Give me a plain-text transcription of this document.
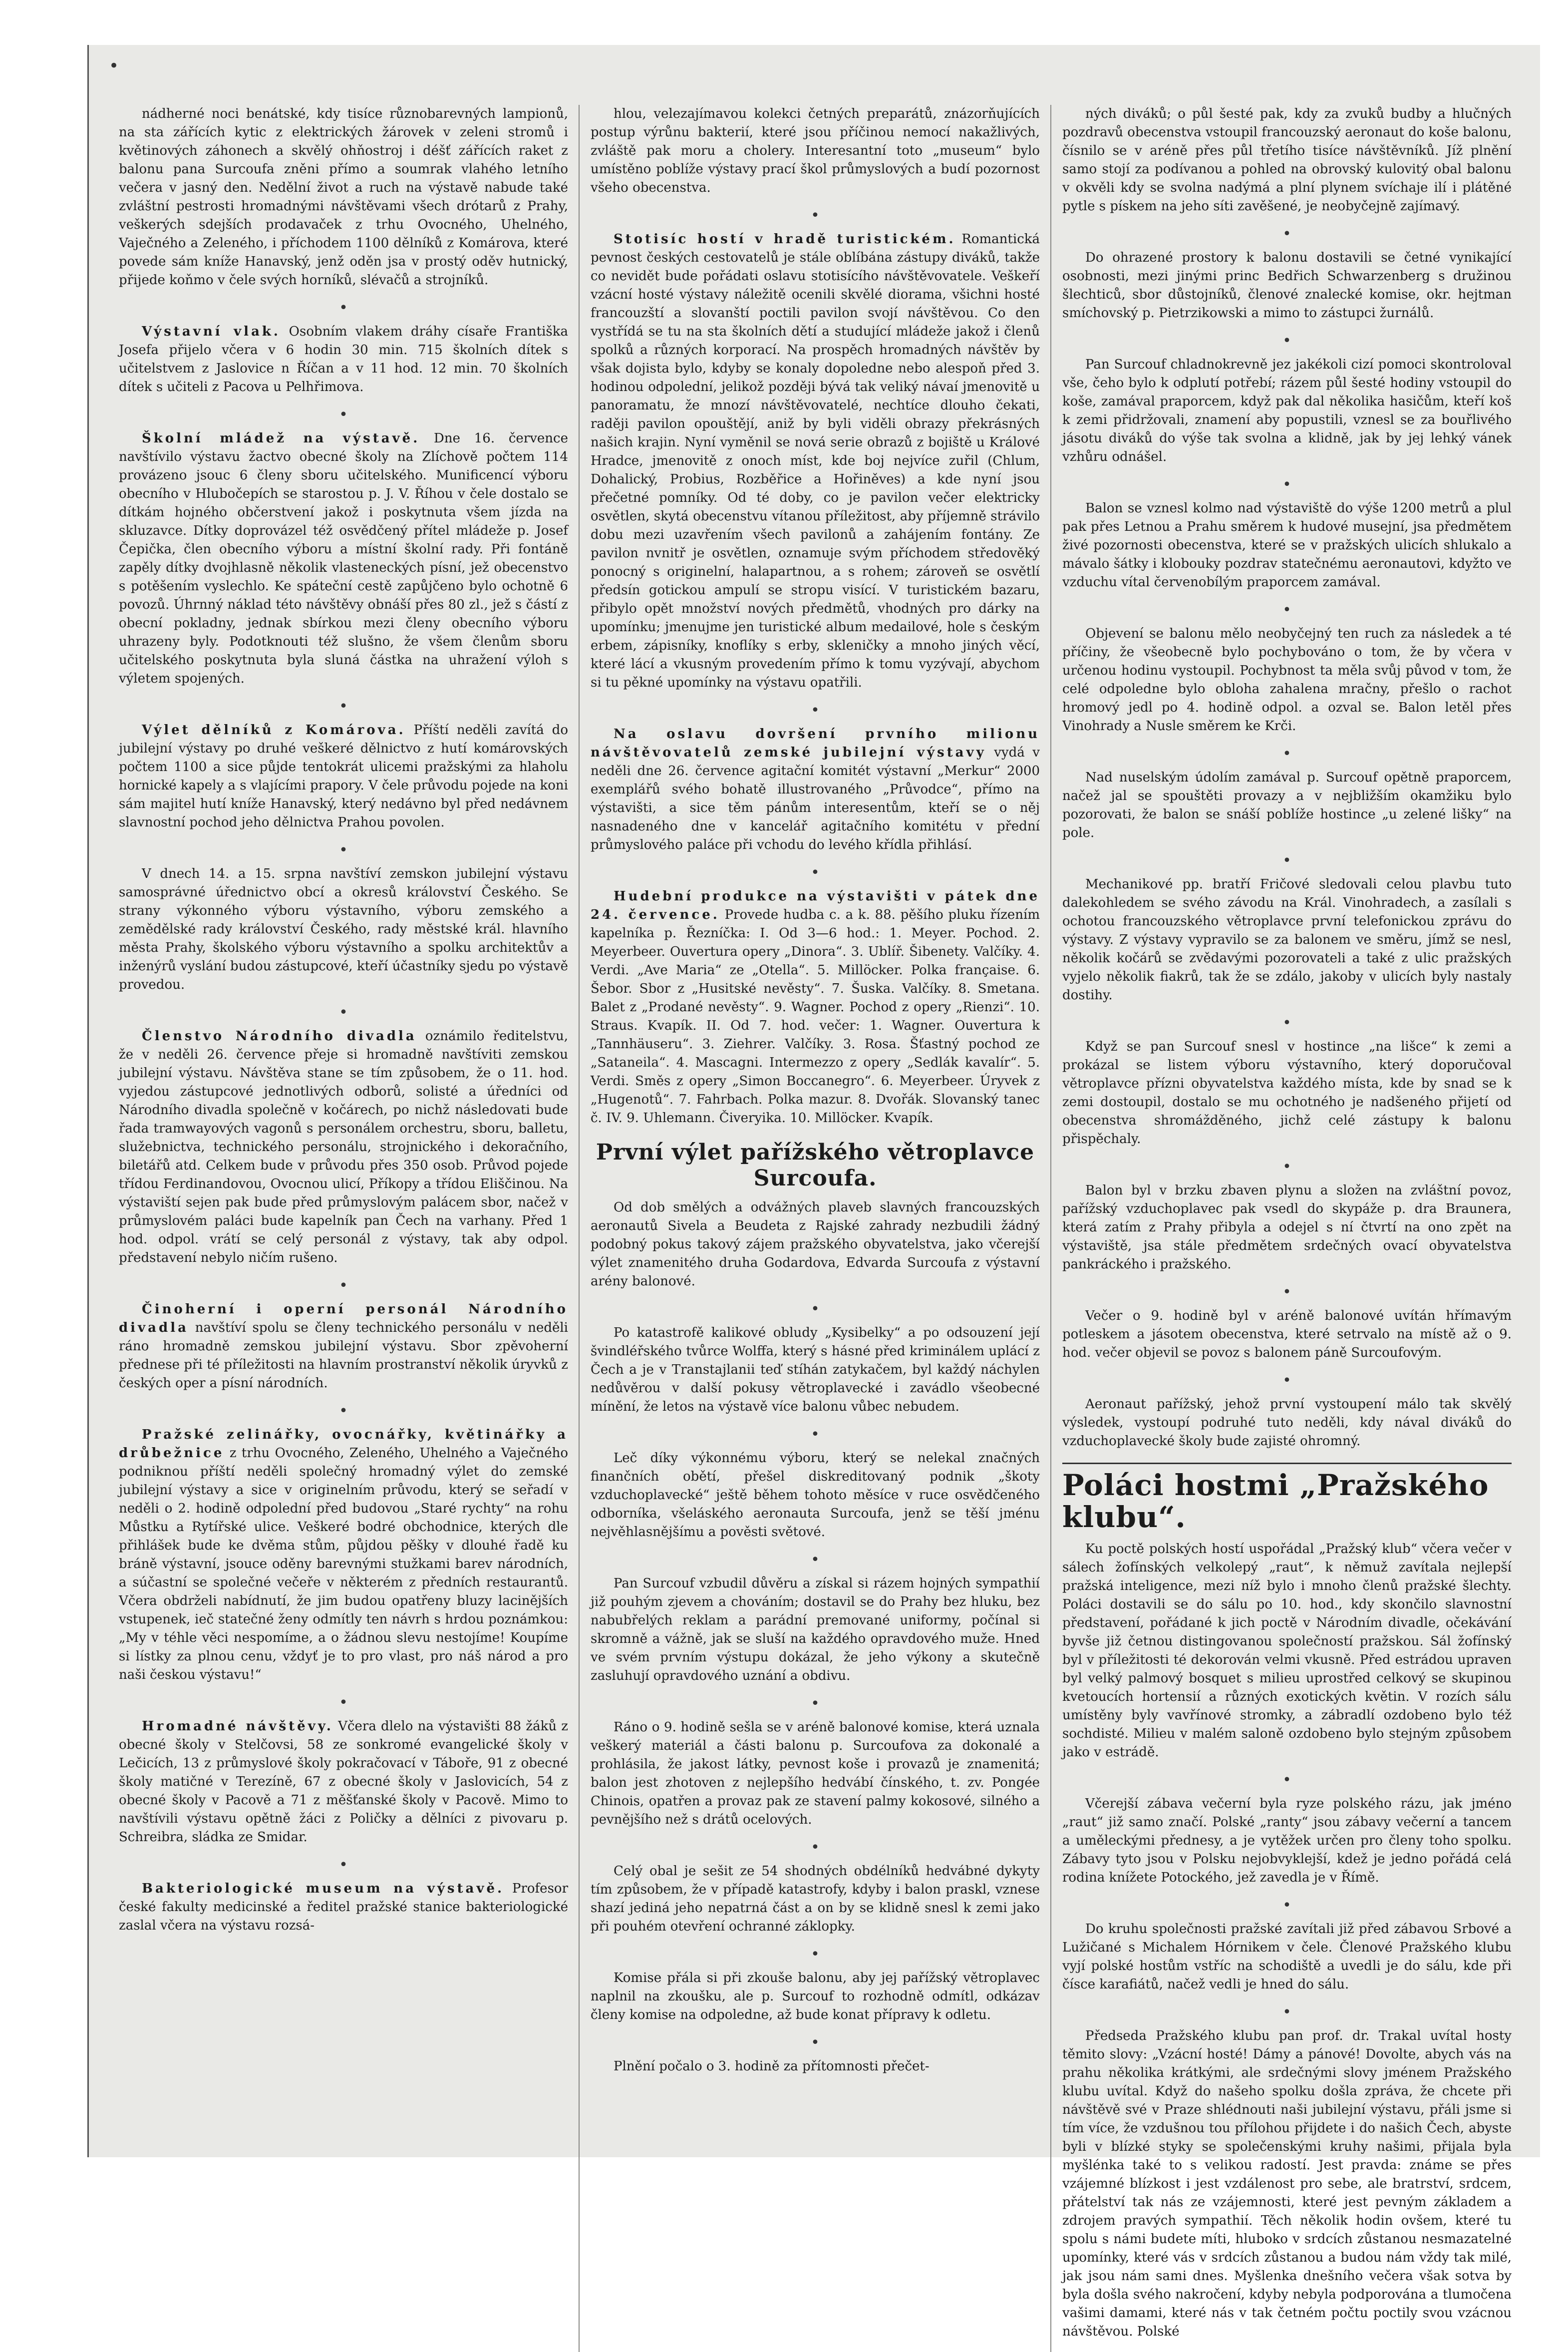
•

nádherné noci benátské, kdy tisíce různobarevných lampionů, na sta zářících kytic z elektrických žárovek v zeleni stromů i květinových záhonech a skvělý ohňostroj i déšť zářících raket z balonu pana Surcoufa zněni přímo a soumrak vlahého letního večera v jasný den. Nedělní život a ruch na výstavě nabude také zvláštní pestrosti hromadnými návštěvami všech drótarů z Prahy, veškerých sdejších prodavaček z trhu Ovocného, Uhelného, Vaječného a Zeleného, i příchodem 1100 dělníků z Komárova, které povede sám kníže Hanavský, jenž oděn jsa v prostý oděv hutnický, přijede koňmo v čele svých horníků, slévačů a strojníků.

•

Výstavní vlak. Osobním vlakem dráhy císaře Františka Josefa přijelo včera v 6 hodin 30 min. 715 školních dítek s učitelstvem z Jaslovice n Říčan a v 11 hod. 12 min. 70 školních dítek s učiteli z Pacova u Pelhřimova.

•

Školní mládež na výstavě. Dne 16. července navštívilo výstavu žactvo obecné školy na Zlíchově počtem 114 provázeno jsouc 6 členy sboru učitelského. Munificencí výboru obecního v Hlubočepích se starostou p. J. V. Říhou v čele dostalo se dítkám hojného občerstvení jakož i poskytnuta všem jízda na skluzavce. Dítky doprovázel též osvědčený přítel mládeže p. Josef Čepička, člen obecního výboru a místní školní rady. Při fontáně zapěly dítky dvojhlasně několik vlasteneckých písní, jež obecenstvo s potěšením vyslechlo. Ke spáteční cestě zapůjčeno bylo ochotně 6 povozů. Úhrnný náklad této návštěvy obnáší přes 80 zl., jež s částí z obecní pokladny, jednak sbírkou mezi členy obecního výboru uhrazeny byly. Podotknouti též slušno, že všem členům sboru učitelského poskytnuta byla sluná částka na uhražení výloh s výletem spojených.

•

Výlet dělníků z Komárova. Příští neděli zavítá do jubilejní výstavy po druhé veškeré dělnictvo z hutí komárovských počtem 1100 a sice půjde tentokrát ulicemi pražskými za hlaholu hornické kapely a s vlajícími prapory. V čele průvodu pojede na koni sám majitel hutí kníže Hanavský, který nedávno byl před nedávnem slavnostní pochod jeho dělnictva Prahou povolen.

•

V dnech 14. a 15. srpna navštíví zemskon jubilejní výstavu samosprávné úřednictvo obcí a okresů království Českého. Se strany výkonného výboru výstavního, výboru zemského a zemědělské rady království Českého, rady městské král. hlavního města Prahy, školského výboru výstavního a spolku architektův a inženýrů vyslání budou zástupcové, kteří účastníky sjedu po výstavě provedou.

•

Členstvo Národního divadla oznámilo ředitelstvu, že v neděli 26. července přeje si hromadně navštíviti zemskou jubilejní výstavu. Návštěva stane se tím způsobem, že o 11. hod. vyjedou zástupcové jednotlivých odborů, solisté a úředníci od Národního divadla společně v kočárech, po nichž následovati bude řada tramwayových vagonů s personálem orchestru, sboru, balletu, služebnictva, technického personálu, strojnického i dekoračního, biletářů atd. Celkem bude v průvodu přes 350 osob. Průvod pojede třídou Ferdinandovou, Ovocnou ulicí, Příkopy a třídou Eliščinou. Na výstaviští sejen pak bude před průmyslovým palácem sbor, načež v průmyslovém paláci bude kapelník pan Čech na varhany. Před 1 hod. odpol. vrátí se celý personál z výstavy, tak aby odpol. představení nebylo ničím rušeno.

•

Činoherní i operní personál Národního divadla navštíví spolu se členy technického personálu v neděli ráno hromadně zemskou jubilejní výstavu. Sbor zpěvoherní přednese při té příležitosti na hlavním prostranství několik úryvků z českých oper a písní národních.

•

Pražské zelinářky, ovocnářky, květinářky a drůbežnice z trhu Ovocného, Zeleného, Uhelného a Vaječného podniknou příští neděli společný hromadný výlet do zemské jubilejní výstavy a sice v originelním průvodu, který se seřadí v neděli o 2. hodině odpolední před budovou „Staré rychty“ na rohu Můstku a Rytířské ulice. Veškeré bodré obchodnice, kterých dle přihlášek bude ke dvěma stům, půjdou pěšky v dlouhé řadě ku bráně výstavní, jsouce oděny barevnými stužkami barev národních, a súčastní se společné večeře v některém z předních restaurantů. Včera obdrželi nabídnutí, že jim budou opatřeny bluzy lacinějších vstupenek, ieč statečné ženy odmítly ten návrh s hrdou poznámkou: „My v téhle věci nespomíme, a o žádnou slevu nestojíme! Koupíme si lístky za plnou cenu, vždyť je to pro vlast, pro náš národ a pro naši českou výstavu!“

•

Hromadné návštěvy. Včera dlelo na výstavišti 88 žáků z obecné školy v Stelčovsi, 58 ze sonkromé evangelické školy v Lečicích, 13 z průmyslové školy pokračovací v Táboře, 91 z obecné školy matičné v Terezíně, 67 z obecné školy v Jaslovicích, 54 z obecné školy v Pacově a 71 z měšťanské školy v Pacově. Mimo to navštívili výstavu opětně žáci z Poličky a dělníci z pivovaru p. Schreibra, sládka ze Smidar.

•

Bakteriologické museum na výstavě. Profesor české fakulty medicinské a ředitel pražské stanice bakteriologické zaslal včera na výstavu rozsá-

hlou, velezajímavou kolekci četných preparátů, znázorňujících postup výrůnu bakterií, které jsou příčinou nemocí nakažlivých, zvláště pak moru a cholery. Interesantní toto „museum“ bylo umístěno poblíže výstavy prací škol průmyslových a budí pozornost všeho obecenstva.

•

Stotisíc hostí v hradě turistickém. Romantická pevnost českých cestovatelů je stále oblíbána zástupy diváků, takže co nevidět bude pořádati oslavu stotisícího návštěvovatele. Veškeří vzácní hosté výstavy náležitě ocenili skvělé diorama, všichni hosté francouzští a slovanští poctili pavilon svojí návštěvou. Co den vystřídá se tu na sta školních dětí a studující mládeže jakož i členů spolků a různých korporací. Na prospěch hromadných návštěv by však dojista bylo, kdyby se konaly dopoledne nebo alespoň před 3. hodinou odpolední, jelikož později bývá tak veliký návaí jmenovitě u panoramatu, že mnozí návštěvovatelé, nechtíce dlouho čekati, raději pavilon opouštějí, aniž by byli viděli obrazy překrásných našich krajin. Nyní vyměnil se nová serie obrazů z bojiště u Králové Hradce, jmenovitě z onoch míst, kde boj nejvíce zuřil (Chlum, Dohalický, Probius, Rozběřice a Hořiněves) a kde nyní jsou přečetné pomníky. Od té doby, co je pavilon večer elektricky osvětlen, skytá obecenstvu vítanou příležitost, aby příjemně strávilo dobu mezi uzavřením všech pavilonů a zahájením fontány. Ze pavilon nvnitř je osvětlen, oznamuje svým příchodem středověký ponocný s originelní, halapartnou, a s rohem; zároveň se osvětlí předsín gotickou ampulí se stropu visící. V turistickém bazaru, přibylo opět množství nových předmětů, vhodných pro dárky na upomínku; jmenujme jen turistické album medailové, hole s českým erbem, zápisníky, knoflíky s erby, skleničky a mnoho jiných věcí, které lácí a vkusným provedením přímo k tomu vyzývají, abychom si tu pěkné upomínky na výstavu opatřili.

•

Na oslavu dovršení prvního milionu návštěvovatelů zemské jubilejní výstavy vydá v neděli dne 26. července agitační komitét výstavní „Merkur“ 2000 exemplářů svého bohatě illustrovaného „Průvodce“, přímo na výstavišti, a sice těm pánům interesentům, kteří se o něj nasnadeného dne v kancelář agitačního komitétu v přední průmyslového paláce při vchodu do levého křídla přihlásí.

•

Hudební produkce na výstavišti v pátek dne 24. července. Provede hudba c. a k. 88. pěšího pluku řízením kapelníka p. Řezníčka: I. Od 3—6 hod.: 1. Meyer. Pochod. 2. Meyerbeer. Ouvertura opery „Dinora“. 3. Ublíř. Šibenety. Valčíky. 4. Verdi. „Ave Maria“ ze „Otella“. 5. Millöcker. Polka française. 6. Šebor. Sbor z „Husitské nevěsty“. 7. Šuska. Valčíky. 8. Smetana. Balet z „Prodané nevěsty“. 9. Wagner. Pochod z opery „Rienzi“. 10. Straus. Kvapík. II. Od 7. hod. večer: 1. Wagner. Ouvertura k „Tannhäuseru“. 3. Ziehrer. Valčíky. 3. Rosa. Šťastný pochod ze „Sataneila“. 4. Mascagni. Intermezzo z opery „Sedlák kavalír“. 5. Verdi. Směs z opery „Simon Boccanegro“. 6. Meyerbeer. Úryvek z „Hugenotů“. 7. Fahrbach. Polka mazur. 8. Dvořák. Slovanský tanec č. IV. 9. Uhlemann. Čiveryika. 10. Millöcker. Kvapík.

První výlet pařížského větroplavce Surcoufa.

Od dob smělých a odvážných plaveb slavných francouzských aeronautů Sivela a Beudeta z Rajské zahrady nezbudili žádný podobný pokus takový zájem pražského obyvatelstva, jako včerejší výlet znamenitého druha Godardova, Edvarda Surcoufa z výstavní arény balonové.

•

Po katastrofě kalikové obludy „Kysibelky“ a po odsouzení její švindléřského tvůrce Wolffa, který s hásné před kriminálem uplácí z Čech a je v Transtajlanii teď stíhán zatykačem, byl každý náchylen nedůvěrou v další pokusy větroplavecké i zavádlo všeobecné mínění, že letos na výstavě více balonu vůbec nebudem.

•

Leč díky výkonnému výboru, který se nelekal značných finančních obětí, přešel diskreditovaný podnik „škoty vzduchoplavecké“ ještě během tohoto měsíce v ruce osvědčeného odborníka, všeláského aeronauta Surcoufa, jenž se těší jménu nejvěhlasnějšímu a pověsti světové.

•

Pan Surcouf vzbudil důvěru a získal si rázem hojných sympathií již pouhým zjevem a chováním; dostavil se do Prahy bez hluku, bez nabubřelých reklam a parádní premované uniformy, počínal si skromně a vážně, jak se sluší na každého opravdového muže. Hned ve svém prvním výstupu dokázal, že jeho výkony a skutečně zasluhují opravdového uznání a obdivu.

•

Ráno o 9. hodině sešla se v aréně balonové komise, která uznala veškerý materiál a části balonu p. Surcoufova za dokonalé a prohlásila, že jakost látky, pevnost koše i provazů je znamenitá; balon jest zhotoven z nejlepšího hedvábí čínského, t. zv. Pongée Chinois, opatřen a provaz pak ze stavení palmy kokosové, silného a pevnějšího než s drátů ocelových.

•

Celý obal je sešit ze 54 shodných obdélníků hedvábné dykyty tím způsobem, že v případě katastrofy, kdyby i balon praskl, vznese shazí jediná jeho nepatrná část a on by se klidně snesl k zemi jako při pouhém otevření ochranné záklopky.

•

Komise přála si při zkouše balonu, aby jej pařížský větroplavec naplnil na zkoušku, ale p. Surcouf to rozhodně odmítl, odkázav členy komise na odpoledne, až bude konat přípravy k odletu.

•

Plnění počalo o 3. hodině za přítomnosti přečet-

ných diváků; o půl šesté pak, kdy za zvuků budby a hlučných pozdravů obecenstva vstoupil francouzský aeronaut do koše balonu, čísnilo se v aréně přes půl třetího tisíce návštěvníků. Jíž plnění samo stojí za podívanou a pohled na obrovský kulovitý obal balonu v okvěli kdy se svolna nadýmá a plní plynem svíchaje ilí i plátěné pytle s pískem na jeho síti zavěšené, je neobyčejně zajímavý.

•

Do ohrazené prostory k balonu dostavili se četné vynikající osobnosti, mezi jinými princ Bedřich Schwarzenberg s družinou šlechticů, sbor důstojníků, členové znalecké komise, okr. hejtman smíchovský p. Pietrzikowski a mimo to zástupci žurnálů.

•

Pan Surcouf chladnokrevně jez jakékoli cizí pomoci skontroloval vše, čeho bylo k odplutí potřebí; rázem půl šesté hodiny vstoupil do koše, zamával praporcem, když pak dal několika hasičům, kteří koš k zemi přidržovali, znamení aby popustili, vznesl se za bouřlivého jásotu diváků do výše tak svolna a klidně, jak by jej lehký vánek vzhůru odnášel.

•

Balon se vznesl kolmo nad výstaviště do výše 1200 metrů a plul pak přes Letnou a Prahu směrem k hudové musejní, jsa předmětem živé pozornosti obecenstva, které se v pražských ulicích shlukalo a mávalo šátky i klobouky pozdrav statečnému aeronautovi, kdyžto ve vzduchu vítal červenobílým praporcem zamával.

•

Objevení se balonu mělo neobyčejný ten ruch za následek a té příčiny, že všeobecně bylo pochybováno o tom, že by včera v určenou hodinu vystoupil. Pochybnost ta měla svůj původ v tom, že celé odpoledne bylo obloha zahalena mračny, přešlo o rachot hromový jedl po 4. hodině odpol. a ozval se. Balon letěl přes Vinohrady a Nusle směrem ke Krči.

•

Nad nuselským údolím zamával p. Surcouf opětně praporcem, načež jal se spouštěti provazy a v nejbližším okamžiku bylo pozorovati, že balon se snáší poblíže hostince „u zelené lišky“ na pole.

•

Mechanikové pp. bratří Fričové sledovali celou plavbu tuto dalekohledem se svého závodu na Král. Vinohradech, a zasílali s ochotou francouzského větroplavce první telefonickou zprávu do výstavy. Z výstavy vypravilo se za balonem ve směru, jímž se nesl, několik kočárů se zvědavými pozorovateli a také z ulic pražských vyjelo několik fiakrů, tak že se zdálo, jakoby v ulicích byly nastaly dostihy.

•

Když se pan Surcouf snesl v hostince „na lišce“ k zemi a prokázal se listem výboru výstavního, který doporučoval větroplavce přízni obyvatelstva každého místa, kde by snad se k zemi dostoupil, dostalo se mu ochotného je nadšeného přijetí od obecenstva shromážděného, jichž celé zástupy k balonu přispěchaly.

•

Balon byl v brzku zbaven plynu a složen na zvláštní povoz, pařížský vzduchoplavec pak vsedl do skypáže p. dra Braunera, která zatím z Prahy přibyla a odejel s ní čtvrtí na ono zpět na výstaviště, jsa stále předmětem srdečných ovací obyvatelstva pankráckého i pražského.

•

Večer o 9. hodině byl v aréně balonové uvítán hřímavým potleskem a jásotem obecenstva, které setrvalo na místě až o 9. hod. večer objevil se povoz s balonem páně Surcoufovým.

•

Aeronaut pařížský, jehož první vystoupení málo tak skvělý výsledek, vystoupí podruhé tuto neděli, kdy nával diváků do vzduchoplavecké školy bude zajisté ohromný.

Poláci hostmi „Pražského klubu“.

Ku poctě polských hostí uspořádal „Pražský klub“ včera večer v sálech žofínských velkolepý „raut“, k němuž zavítala nejlepší pražská inteligence, mezi níž bylo i mnoho členů pražské šlechty. Poláci dostavili se do sálu po 10. hod., kdy skončilo slavnostní představení, pořádané k jich poctě v Národním divadle, očekávání byvše již četnou distingovanou společností pražskou. Sál žofínský byl v příležitosti té dekorován velmi vkusně. Před estrádou upraven byl velký palmový bosquet s milieu uprostřed celkový se skupinou kvetoucích hortensií a různých exotických květin. V rozích sálu umístěny byly vavřínové stromky, a zábradlí ozdobeno bylo též sochdisté. Milieu v malém saloně ozdobeno bylo stejným způsobem jako v estrádě.

•

Včerejší zábava večerní byla ryze polského rázu, jak jméno „raut“ již samo značí. Polské „ranty“ jsou zábavy večerní a tancem a uměleckými přednesy, a je vytěžek určen pro členy toho spolku. Zábavy tyto jsou v Polsku nejobvyklejší, kdež je jedno pořádá celá rodina knížete Potockého, jež zavedla je v Římě.

•

Do kruhu společnosti pražské zavítali již před zábavou Srbové a Lužičané s Michalem Hórnikem v čele. Členové Pražského klubu vyjí polské hostům vstříc na schodiště a uvedli je do sálu, kde při čísce karafiátů, načež vedli je hned do sálu.

•

Předseda Pražského klubu pan prof. dr. Trakal uvítal hosty těmito slovy: „Vzácní hosté! Dámy a pánové! Dovolte, abych vás na prahu několika krátkými, ale srdečnými slovy jménem Pražského klubu uvítal. Když do našeho spolku došla zpráva, že chcete při návštěvě své v Praze shlédnouti naši jubilejní výstavu, přáli jsme si tím více, že vzdušnou tou přílohou přijdete i do našich Čech, abyste byli v blízké styky se společenskými kruhy našimi, přijala byla myšlénka také to s velikou radostí. Jest pravda: známe se přes vzájemné blízkost i jest vzdálenost pro sebe, ale bratrství, srdcem, přátelství tak nás ze vzájemnosti, které jest pevným základem a zdrojem pravých sympathií. Těch několik hodin ovšem, které tu spolu s námi budete míti, hluboko v srdcích zůstanou nesmazatelné upomínky, které vás v srdcích zůstanou a budou nám vždy tak milé, jak jsou nám sami dnes. Myšlenka dnešního večera však sotva by byla došla svého nakročení, kdyby nebyla podporována a tlumočena vašimi damami, které nás v tak četném počtu poctily svou vzácnou návštěvou. Polské
